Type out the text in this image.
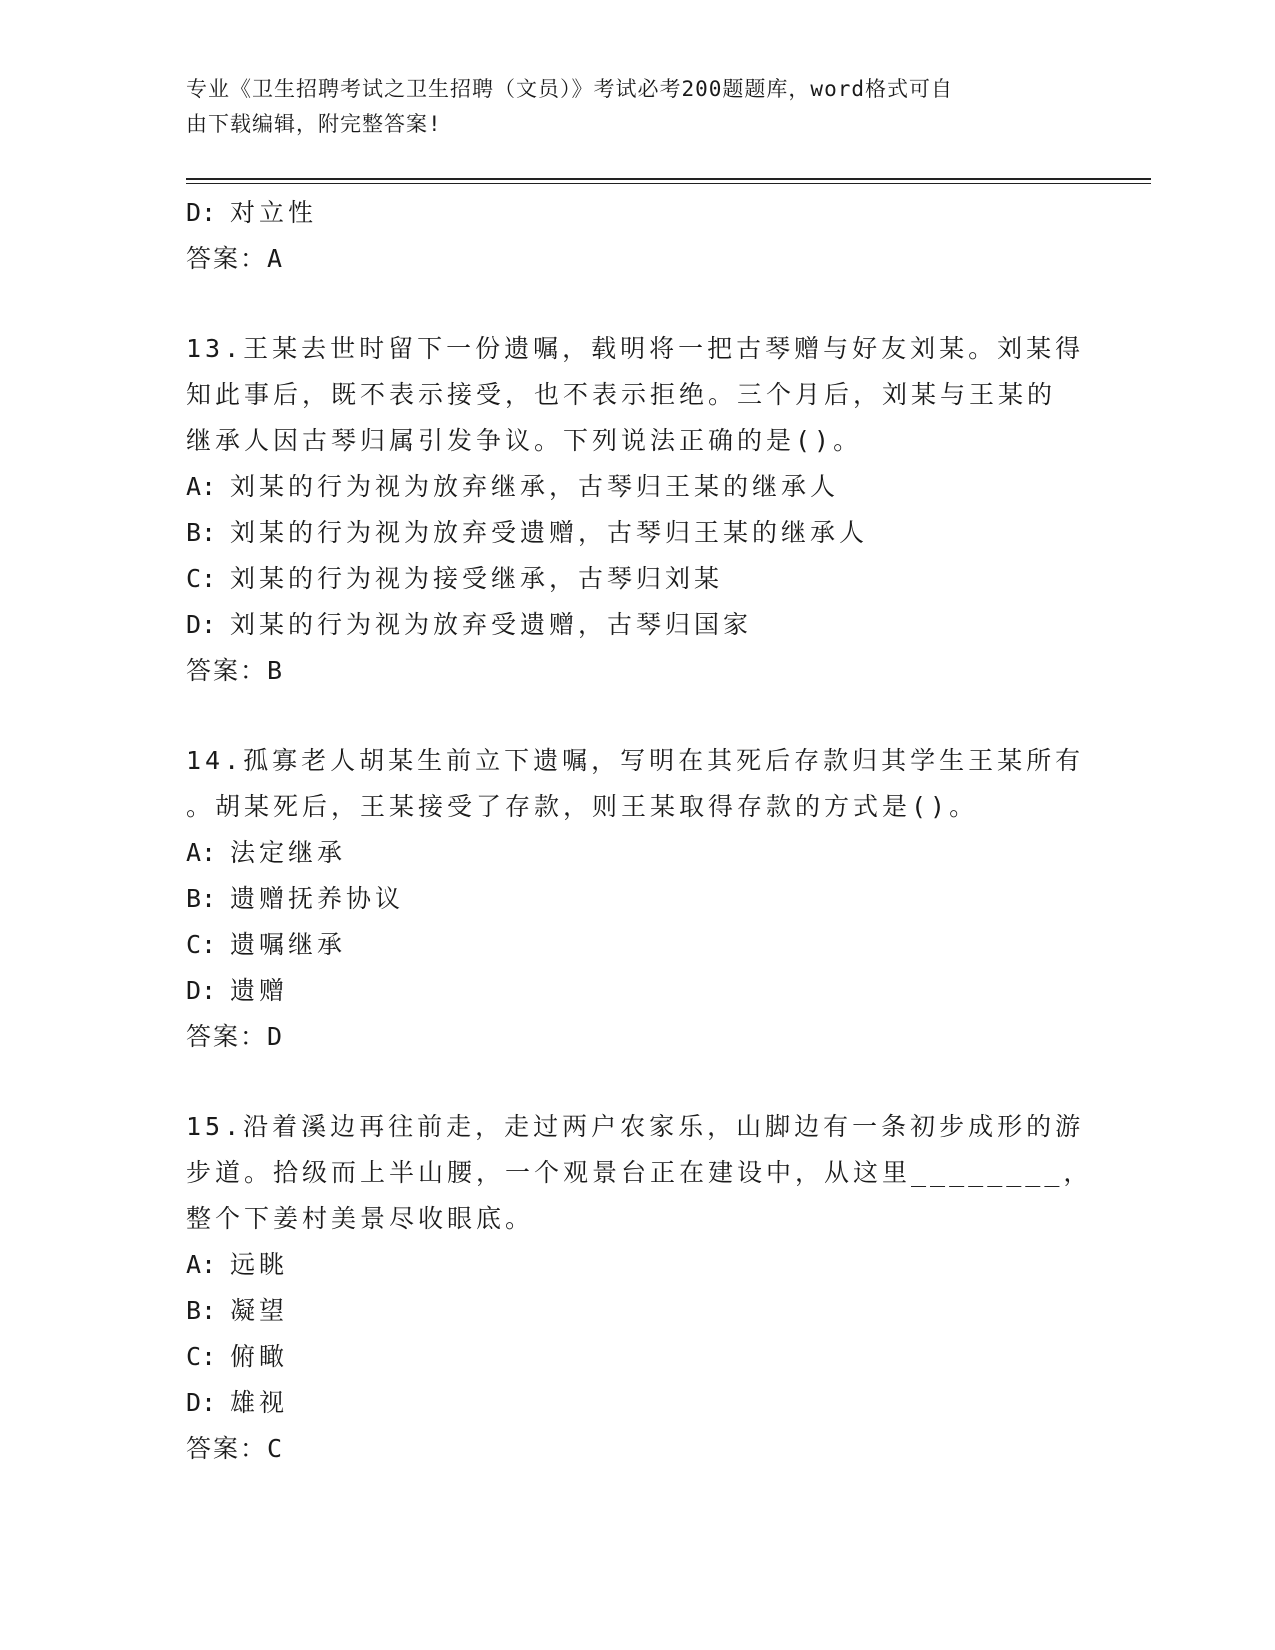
专业《卫生招聘考试之卫生招聘（文员）》考试必考200题题库，word格式可自
由下载编辑，附完整答案!
D: 对立性
答案：A
13.王某去世时留下一份遗嘱，载明将一把古琴赠与好友刘某。刘某得
知此事后，既不表示接受，也不表示拒绝。三个月后，刘某与王某的
继承人因古琴归属引发争议。下列说法正确的是()。
A: 刘某的行为视为放弃继承，古琴归王某的继承人
B: 刘某的行为视为放弃受遗赠，古琴归王某的继承人
C: 刘某的行为视为接受继承，古琴归刘某
D: 刘某的行为视为放弃受遗赠，古琴归国家
答案：B
14.孤寡老人胡某生前立下遗嘱，写明在其死后存款归其学生王某所有
。胡某死后，王某接受了存款，则王某取得存款的方式是()。
A: 法定继承
B: 遗赠抚养协议
C: 遗嘱继承
D: 遗赠
答案：D
15.沿着溪边再往前走，走过两户农家乐，山脚边有一条初步成形的游
步道。拾级而上半山腰，一个观景台正在建设中，从这里________，
整个下姜村美景尽收眼底。
A: 远眺
B: 凝望
C: 俯瞰
D: 雄视
答案：C
